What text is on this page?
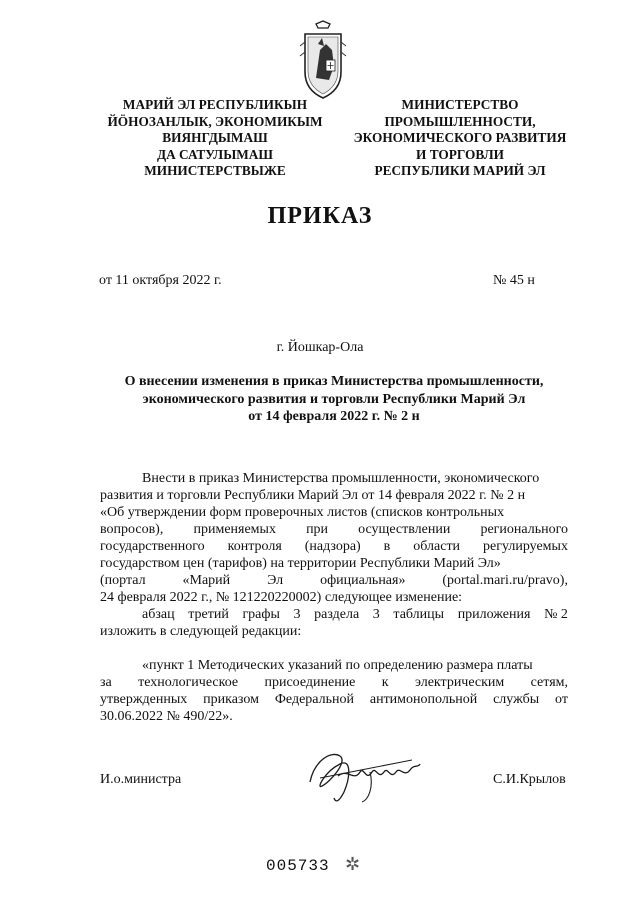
МАРИЙ ЭЛ РЕСПУБЛИКЫН
ЙÖНОЗАНЛЫК, ЭКОНОМИКЫМ
ВИЯНГДЫМАШ
ДА САТУЛЫМАШ
МИНИСТЕРСТВЫЖЕ
МИНИСТЕРСТВО
ПРОМЫШЛЕННОСТИ,
ЭКОНОМИЧЕСКОГО РАЗВИТИЯ
И ТОРГОВЛИ
РЕСПУБЛИКИ МАРИЙ ЭЛ
ПРИКАЗ
от 11 октября 2022 г.	№ 45 н
г. Йошкар-Ола
О внесении изменения в приказ Министерства промышленности,
экономического развития и торговли Республики Марий Эл
от 14 февраля 2022 г. № 2 н
Внести в приказ Министерства промышленности, экономического
развития и торговли Республики Марий Эл от 14 февраля 2022 г. № 2 н
«Об утверждении форм проверочных листов (списков контрольных
вопросов), применяемых при осуществлении регионального
государственного контроля (надзора) в области регулируемых
государством цен (тарифов) на территории Республики Марий Эл»
(портал	«Марий	Эл	официальная»	(portal.mari.ru/pravo),
24 февраля 2022 г., № 121220220002) следующее изменение:
абзац третий графы 3 раздела 3 таблицы приложения № 2
изложить в следующей редакции:
«пункт 1 Методических указаний по определению размера платы
за технологическое присоединение к электрическим сетям,
утвержденных приказом Федеральной антимонопольной службы от
30.06.2022 № 490/22».
И.о.министра	С.И.Крылов
005733 ✲
